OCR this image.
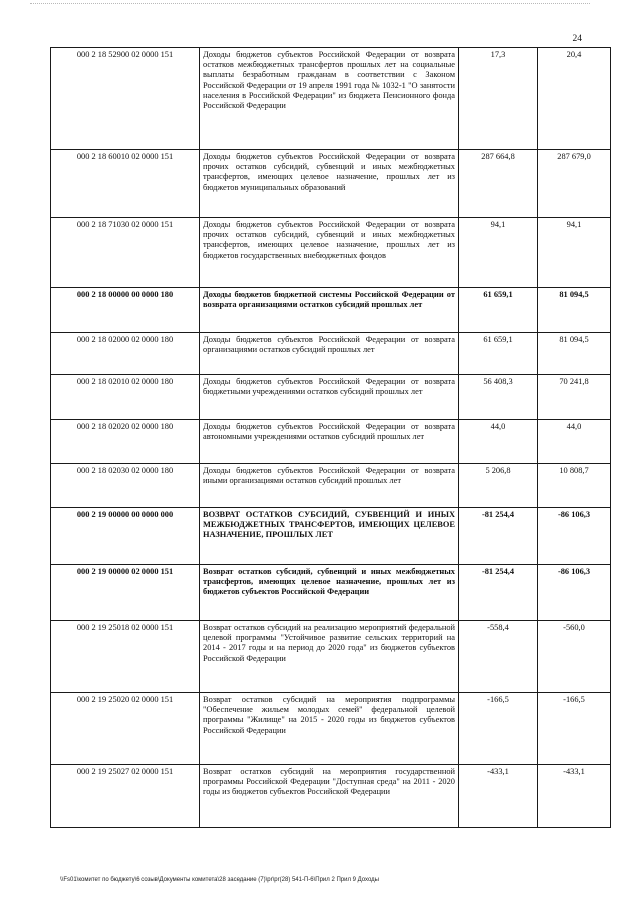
24
000 2 18 52900 02 0000 151	Доходы бюджетов субъектов Российской Федерации от возврата остатков межбюджетных трансфертов прошлых лет на социальные выплаты безработным гражданам в соответствии с Законом Российской Федерации от 19 апреля 1991 года № 1032-1 "О занятости населения в Российской Федерации" из бюджета Пенсионного фонда Российской Федерации	17,3	20,4
000 2 18 60010 02 0000 151	Доходы бюджетов субъектов Российской Федерации от возврата прочих остатков субсидий, субвенций и иных межбюджетных трансфертов, имеющих целевое назначение, прошлых лет из бюджетов муниципальных образований	287 664,8	287 679,0
000 2 18 71030 02 0000 151	Доходы бюджетов субъектов Российской Федерации от возврата прочих остатков субсидий, субвенций и иных межбюджетных трансфертов, имеющих целевое назначение, прошлых лет из бюджетов государственных внебюджетных фондов	94,1	94,1
000 2 18 00000 00 0000 180	Доходы бюджетов бюджетной системы Российской Федерации от возврата организациями остатков субсидий прошлых лет	61 659,1	81 094,5
000 2 18 02000 02 0000 180	Доходы бюджетов субъектов Российской Федерации от возврата организациями остатков субсидий прошлых лет	61 659,1	81 094,5
000 2 18 02010 02 0000 180	Доходы бюджетов субъектов Российской Федерации от возврата бюджетными учреждениями остатков субсидий прошлых лет	56 408,3	70 241,8
000 2 18 02020 02 0000 180	Доходы бюджетов субъектов Российской Федерации от возврата автономными учреждениями остатков субсидий прошлых лет	44,0	44,0
000 2 18 02030 02 0000 180	Доходы бюджетов субъектов Российской Федерации от возврата иными организациями остатков субсидий прошлых лет	5 206,8	10 808,7
000 2 19 00000 00 0000 000	ВОЗВРАТ ОСТАТКОВ СУБСИДИЙ, СУБВЕНЦИЙ И ИНЫХ МЕЖБЮДЖЕТНЫХ ТРАНСФЕРТОВ, ИМЕЮЩИХ ЦЕЛЕВОЕ НАЗНАЧЕНИЕ, ПРОШЛЫХ ЛЕТ	-81 254,4	-86 106,3
000 2 19 00000 02 0000 151	Возврат остатков субсидий, субвенций и иных межбюджетных трансфертов, имеющих целевое назначение, прошлых лет из бюджетов субъектов Российской Федерации	-81 254,4	-86 106,3
000 2 19 25018 02 0000 151	Возврат остатков субсидий на реализацию мероприятий федеральной целевой программы "Устойчивое развитие сельских территорий на 2014 - 2017 годы и на период до 2020 года" из бюджетов субъектов Российской Федерации	-558,4	-560,0
000 2 19 25020 02 0000 151	Возврат остатков субсидий на мероприятия подпрограммы "Обеспечение жильем молодых семей" федеральной целевой программы "Жилище" на 2015 - 2020 годы из бюджетов субъектов Российской Федерации	-166,5	-166,5
000 2 19 25027 02 0000 151	Возврат остатков субсидий на мероприятия государственной программы Российской Федерации "Доступная среда" на 2011 - 2020 годы из бюджетов субъектов Российской Федерации	-433,1	-433,1
\\Fs01\комитет по бюджету\6 созыв\Документы комитета\28 заседание (7)\pr\pr(28) 541-П-6\Прил 2 Прил 9 Доходы
